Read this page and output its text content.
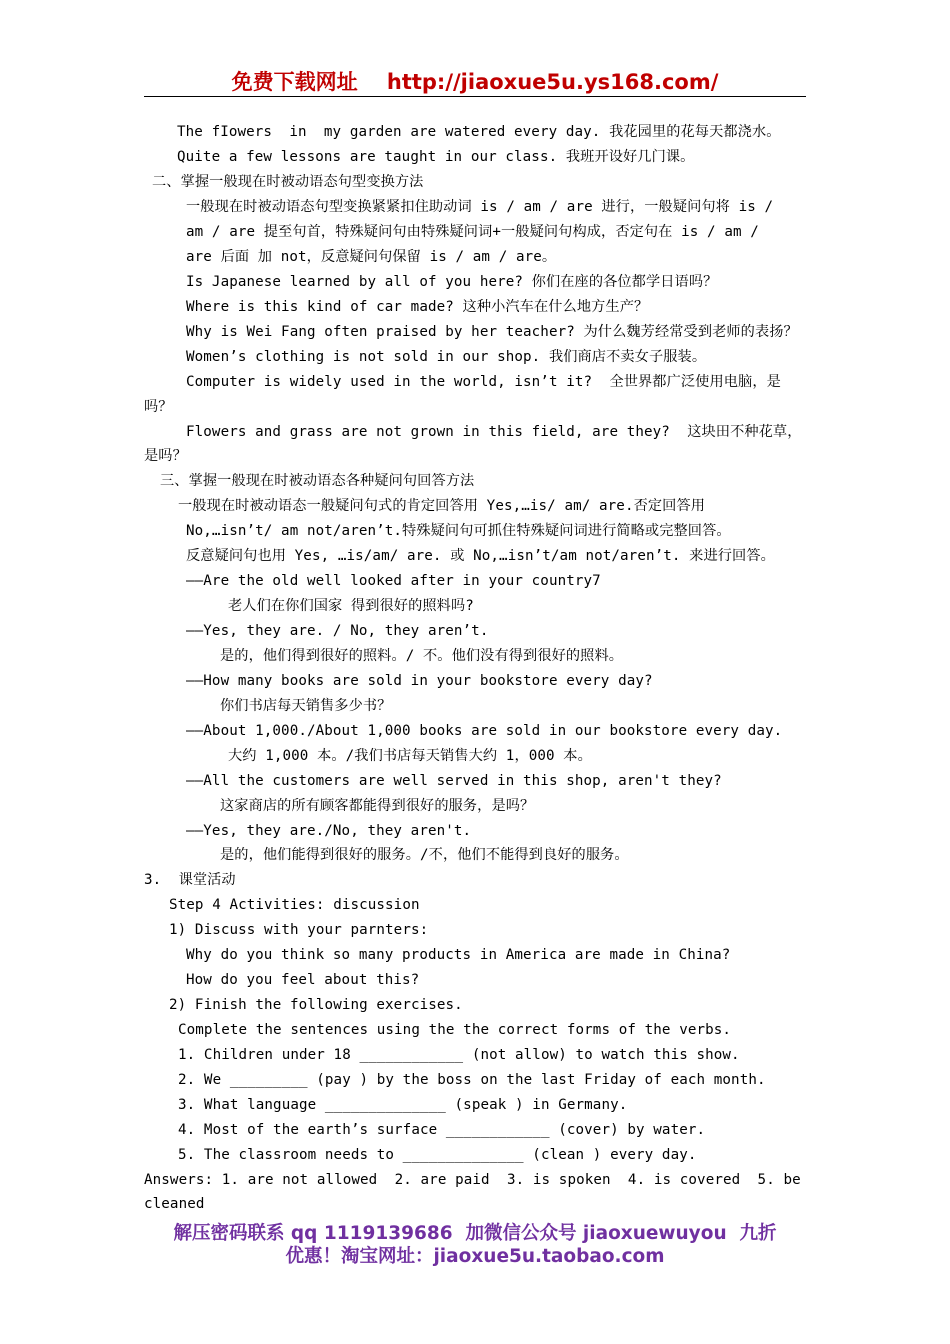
免费下载网址 http://jiaoxue5u.ys168.com/
The fIowers  in  my garden are watered every day. 我花园里的花每天都浇水。
Quite a few lessons are taught in our class. 我班开设好几门课。
二、掌握一般现在时被动语态句型变换方法
一般现在时被动语态句型变换紧紧扣住助动词 is / am / are 进行，一般疑问句将 is /
am / are 提至句首，特殊疑问句由特殊疑问词+一般疑问句构成，否定句在 is / am /
are 后面 加 not，反意疑问句保留 is / am / are。
Is Japanese learned by all of you here? 你们在座的各位都学日语吗？
Where is this kind of car made? 这种小汽车在什么地方生产？
Why is Wei Fang often praised by her teacher? 为什么魏芳经常受到老师的表扬？
Women’s clothing is not sold in our shop. 我们商店不卖女子服装。
Computer is widely used in the world, isn’t it?  全世界都广泛使用电脑，是
吗？
Flowers and grass are not grown in this field, are they?  这块田不种花草，
是吗？
三、掌握一般现在时被动语态各种疑问句回答方法
一般现在时被动语态一般疑问句式的肯定回答用 Yes,…is/ am/ are.否定回答用
No,…isn’t/ am not/aren’t.特殊疑问句可抓住特殊疑问词进行简略或完整回答。
反意疑问句也用 Yes, …is/am/ are. 或 No,…isn’t/am not/aren’t. 来进行回答。
——Are the old well looked after in your country7
老人们在你们国家 得到很好的照料吗?
——Yes, they are. / No, they aren’t.
是的，他们得到很好的照料。/ 不。他们没有得到很好的照料。
——How many books are sold in your bookstore every day?
你们书店每天销售多少书？
——About 1,000./About 1,000 books are sold in our bookstore every day.
大约 1,000 本。/我们书店每天销售大约 1，000 本。
——All the customers are well served in this shop, aren't they?
这家商店的所有顾客都能得到很好的服务，是吗？
——Yes, they are./No, they aren't.
是的，他们能得到很好的服务。/不，他们不能得到良好的服务。
3.  课堂活动
Step 4 Activities: discussion
1) Discuss with your parnters:
Why do you think so many products in America are made in China?
How do you feel about this?
2) Finish the following exercises.
Complete the sentences using the the correct forms of the verbs.
1. Children under 18 ____________ (not allow) to watch this show.
2. We _________ (pay ) by the boss on the last Friday of each month.
3. What language ______________ (speak ) in Germany.
4. Most of the earth’s surface ____________ (cover) by water.
5. The classroom needs to ______________ (clean ) every day.
Answers: 1. are not allowed  2. are paid  3. is spoken  4. is covered  5. be
cleaned
解压密码联系 qq 1119139686  加微信公众号 jiaoxuewuyou  九折
优惠！淘宝网址：jiaoxue5u.taobao.com
